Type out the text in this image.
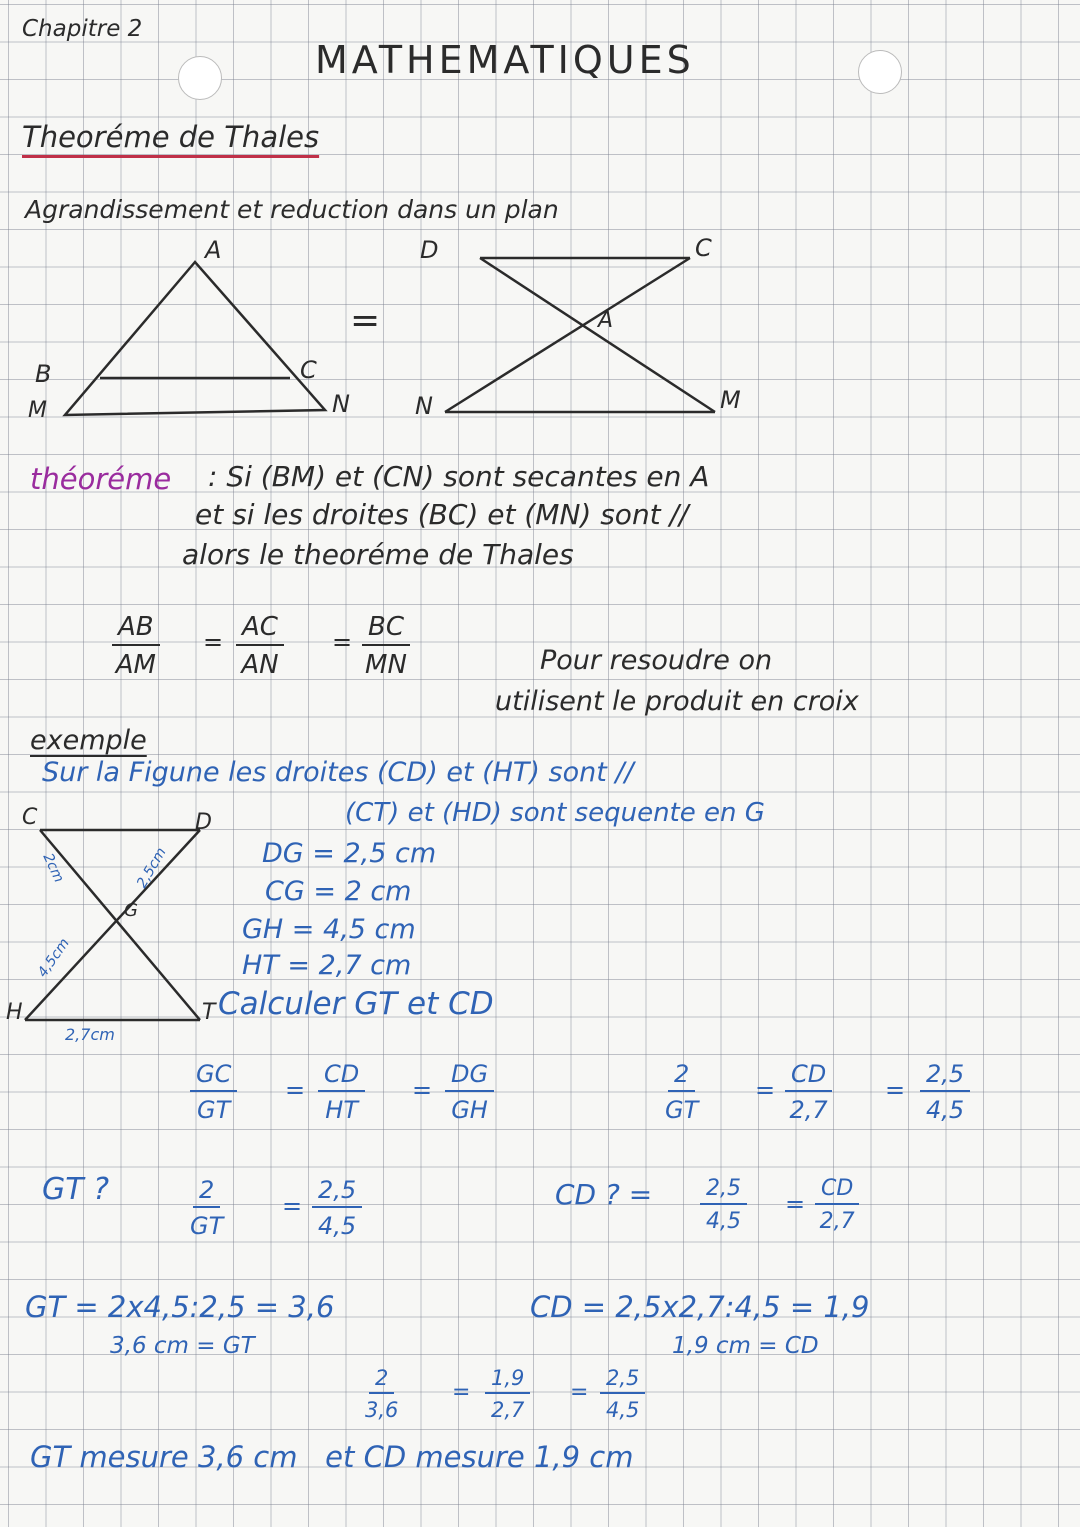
Chapitre 2
MATHEMATIQUES
Theoréme de Thales
Agrandissement et reduction dans un plan
A
B	C
M	N
=
D	C
A
N	M
théoréme : Si (BM) et (CN) sont secantes en A
et si les droites (BC) et (MN) sont //
alors le theoréme de Thales
$\frac{AB}{AM} = \frac{AC}{AN} = \frac{BC}{MN}$	Pour resoudre on
utilisent le produit en croix
exemple
Sur la Figune les droites (CD) et (HT) sont //
(CT) et (HD) sont sequente en G
C	D
G
H	T
2cm	2,5cm
4,5cm
2,7cm
DG = 2,5 cm
CG = 2 cm
GH = 4,5 cm
HT = 2,7 cm
Calculer GT et CD
$\frac{GC}{GT} = \frac{CD}{HT} = \frac{DG}{GH}$	$\frac{2}{GT} = \frac{CD}{2,7} = \frac{2,5}{4,5}$
GT ?	$\frac{2}{GT} = \frac{2,5}{4,5}$	CD ? = $\frac{2,5}{4,5} = \frac{CD}{2,7}$
GT = 2x4,5:2,5 = 3,6
3,6 cm = GT
CD = 2,5x2,7:4,5 = 1,9
1,9 cm = CD
$\frac{2}{3,6} = \frac{1,9}{2,7} = \frac{2,5}{4,5}$
GT mesure 3,6 cm   et CD mesure 1,9 cm
